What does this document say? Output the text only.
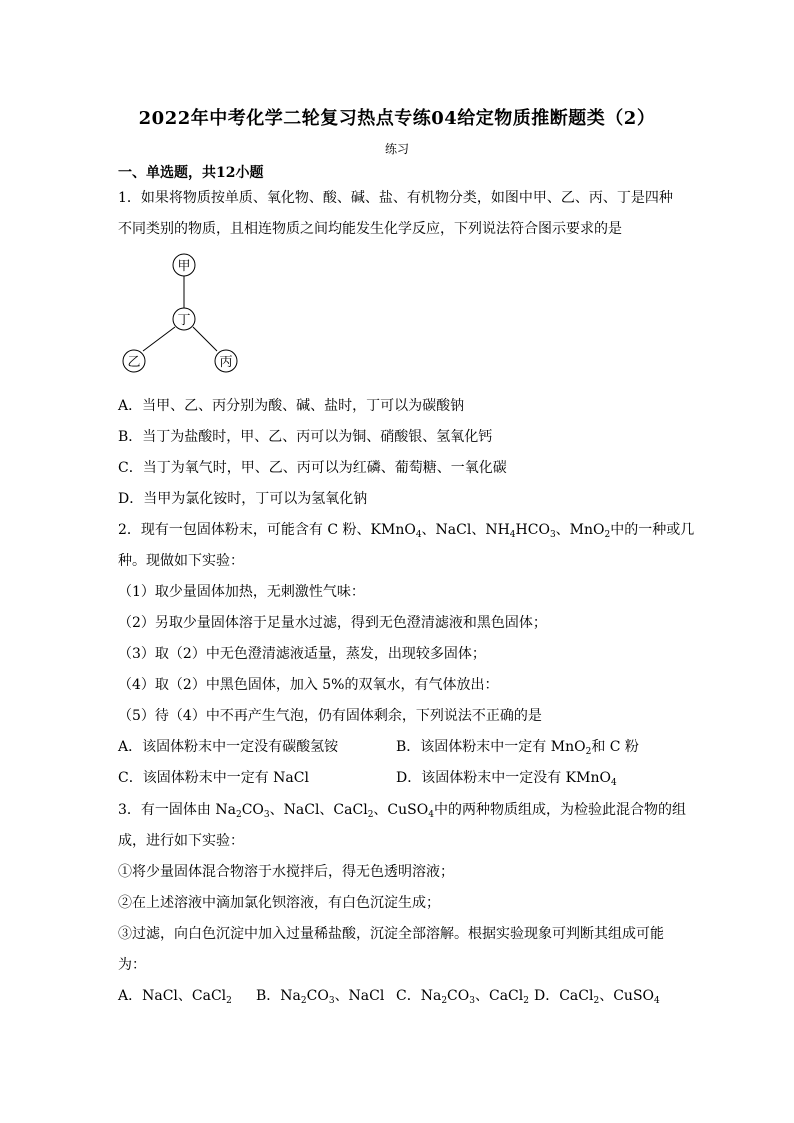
2022年中考化学二轮复习热点专练04给定物质推断题类（2）
练习
一、单选题，共12小题
1．如果将物质按单质、氧化物、酸、碱、盐、有机物分类，如图中甲、乙、丙、丁是四种
不同类别的物质，且相连物质之间均能发生化学反应，下列说法符合图示要求的是
甲
丁
乙	丙
A．当甲、乙、丙分别为酸、碱、盐时，丁可以为碳酸钠
B．当丁为盐酸时，甲、乙、丙可以为铜、硝酸银、氢氧化钙
C．当丁为氧气时，甲、乙、丙可以为红磷、葡萄糖、一氧化碳
D．当甲为氯化铵时，丁可以为氢氧化钠
2．现有一包固体粉末，可能含有 C 粉、KMnO$_4$、NaCl、$NH_4HCO_3$、MnO$_2$中的一种或几
种。现做如下实验：
（1）取少量固体加热，无刺激性气味：
（2）另取少量固体溶于足量水过滤，得到无色澄清滤液和黑色固体；
（3）取（2）中无色澄清滤液适量，蒸发，出现较多固体；
（4）取（2）中黑色固体，加入 5%的双氧水，有气体放出：
（5）待（4）中不再产生气泡，仍有固体剩余，下列说法不正确的是
A．该固体粉末中一定没有碳酸氢铵	B．该固体粉末中一定有 MnO$_2$和 C 粉
C．该固体粉末中一定有 NaCl	D．该固体粉末中一定没有 KMnO$_4$
3．有一固体由 $Na_2CO_3$、NaCl、CaCl$_2$、CuSO$_4$中的两种物质组成，为检验此混合物的组
成，进行如下实验：
①将少量固体混合物溶于水搅拌后，得无色透明溶液；
②在上述溶液中滴加氯化钡溶液，有白色沉淀生成；
③过滤，向白色沉淀中加入过量稀盐酸，沉淀全部溶解。根据实验现象可判断其组成可能
为：
A．NaCl、CaCl$_2$ B．$Na_2CO_3$、NaCl C．$Na_2CO_3$、CaCl$_2$ D．CaCl$_2$、CuSO$_4$
